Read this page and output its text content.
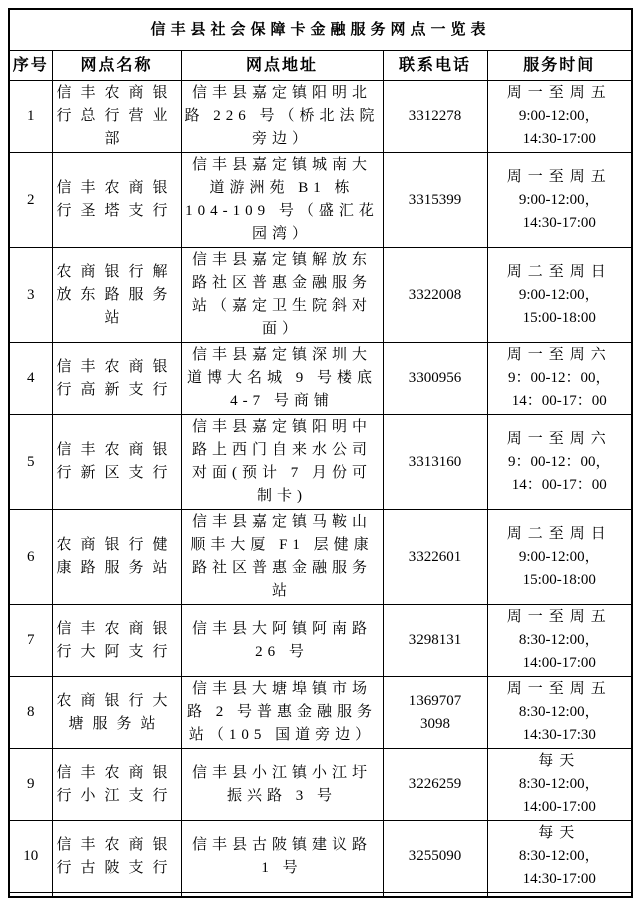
信丰县社会保障卡金融服务网点一览表				
序号	网点名称	网点地址	联系电话	服务时间
1	信丰农商银行总行营业部	信丰县嘉定镇阳明北路 226 号（桥北法院旁边）	3312278	周一至周五
9:00-12:00，
14:30-17:00

2	信丰农商银行圣塔支行	信丰县嘉定镇城南大道游洲苑 B1 栋 104-109 号（盛汇花园湾）	3315399	周一至周五
9:00-12:00，
14:30-17:00

3	农商银行解放东路服务站	信丰县嘉定镇解放东路社区普惠金融服务站（嘉定卫生院斜对面）	3322008	周二至周日
9:00-12:00，
15:00-18:00

4	信丰农商银行高新支行	信丰县嘉定镇深圳大道博大名城 9 号楼底 4-7 号商铺	3300956	周一至周六
9：00-12：00，
14：00-17：00

5	信丰农商银行新区支行	信丰县嘉定镇阳明中路上西门自来水公司对面(预计 7 月份可制卡)	3313160	周一至周六
9：00-12：00，
14：00-17：00

6	农商银行健康路服务站	信丰县嘉定镇马鞍山顺丰大厦 F1 层健康路社区普惠金融服务站	3322601	周二至周日
9:00-12:00，
15:00-18:00

7	信丰农商银行大阿支行	信丰县大阿镇阿南路 26 号	3298131	周一至周五
8:30-12:00，
14:00-17:00

8	农商银行大塘服务站	信丰县大塘埠镇市场路 2 号普惠金融服务站（105 国道旁边）	13697073098	周一至周五
8:30-12:00，
14:30-17:30

9	信丰农商银行小江支行	信丰县小江镇小江圩振兴路 3 号	3226259	每天
8:30-12:00，
14:00-17:00

10	信丰农商银行古陂支行	信丰县古陂镇建议路 1 号	3255090	每天
8:30-12:00，
14:30-17:00
